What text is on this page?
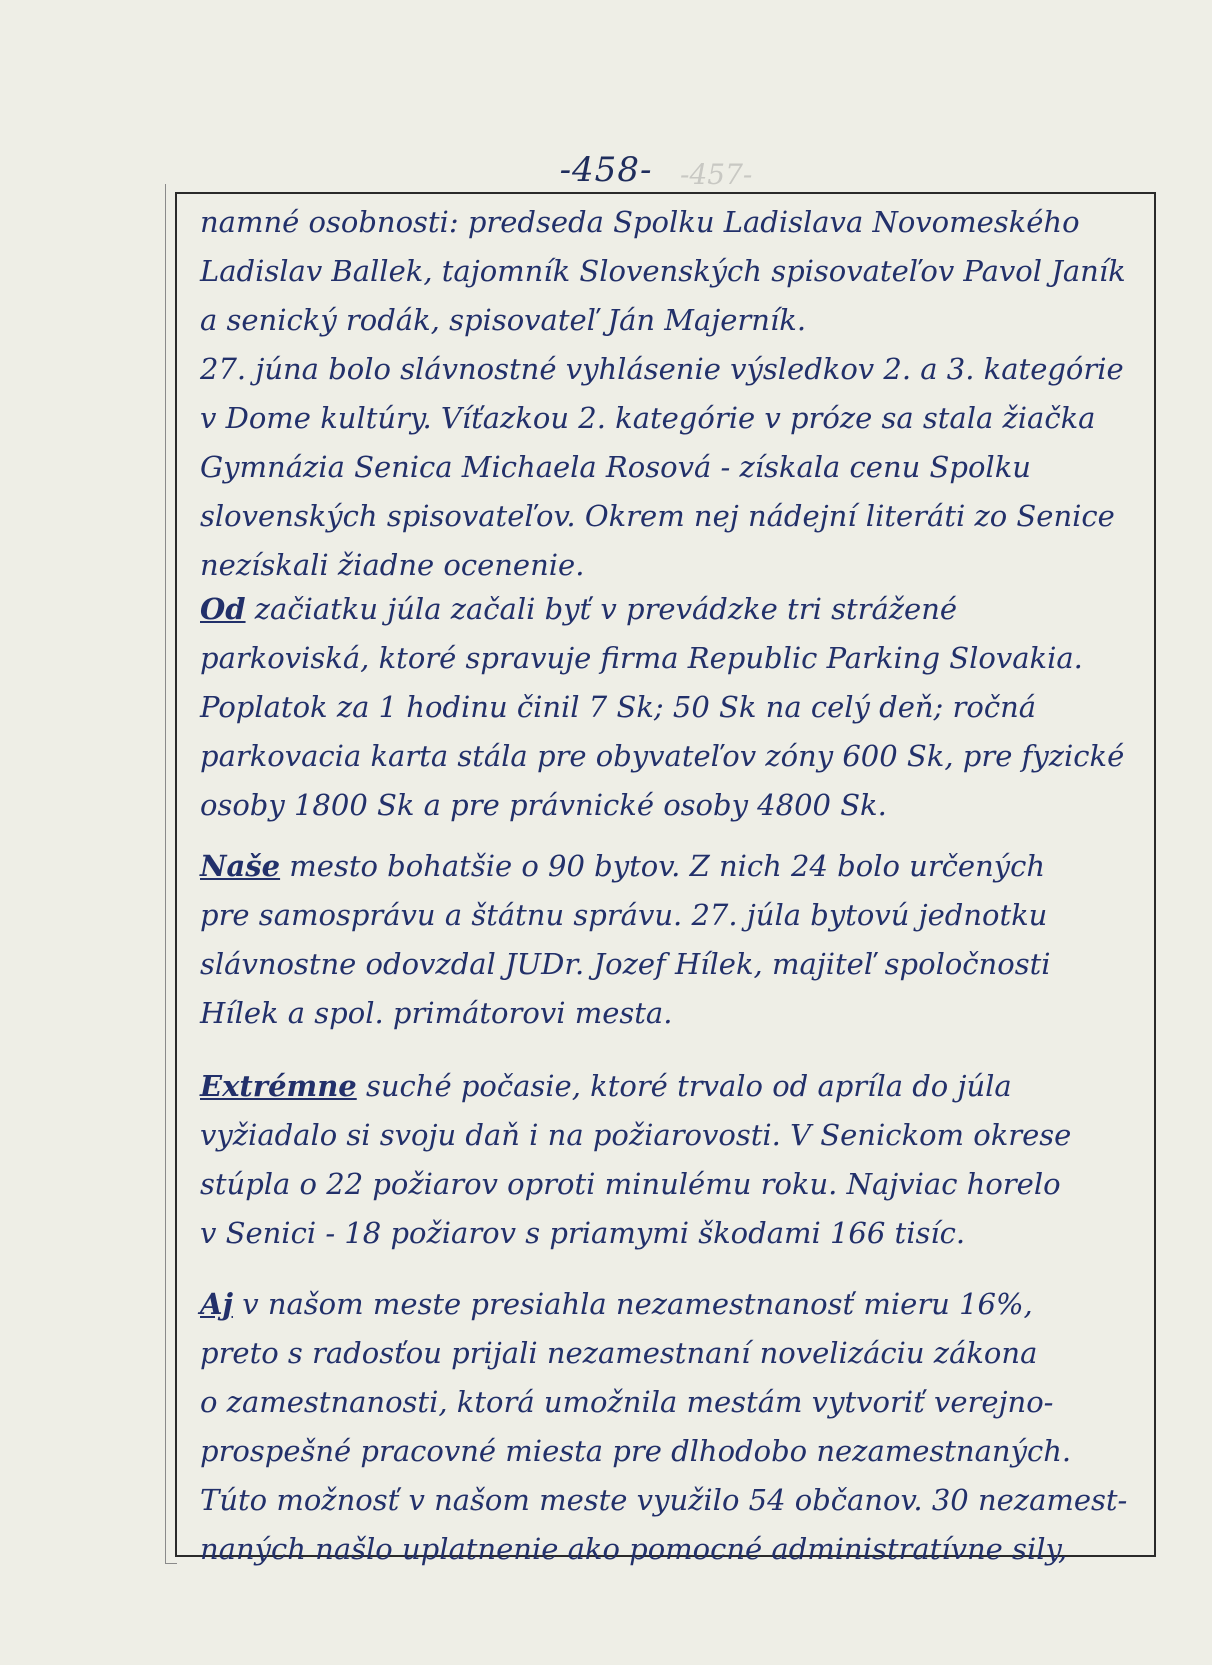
-457-
-458-
namné osobnosti: predseda Spolku Ladislava Novomeského
Ladislav Ballek, tajomník Slovenských spisovateľov Pavol Janík
a senický rodák, spisovateľ Ján Majerník.
27. júna bolo slávnostné vyhlásenie výsledkov 2. a 3. kategórie
v Dome kultúry. Víťazkou 2. kategórie v próze sa stala žiačka
Gymnázia Senica Michaela Rosová - získala cenu Spolku
slovenských spisovateľov. Okrem nej nádejní literáti zo Senice
nezískali žiadne ocenenie.
Od začiatku júla začali byť v prevádzke tri strážené
parkoviská, ktoré spravuje firma Republic Parking Slovakia.
Poplatok za 1 hodinu činil 7 Sk; 50 Sk na celý deň; ročná
parkovacia karta stála pre obyvateľov zóny 600 Sk, pre fyzické
osoby 1800 Sk a pre právnické osoby 4800 Sk.
Naše mesto bohatšie o 90 bytov. Z nich 24 bolo určených
pre samosprávu a štátnu správu. 27. júla bytovú jednotku
slávnostne odovzdal JUDr. Jozef Hílek, majiteľ spoločnosti
Hílek a spol. primátorovi mesta.
Extrémne suché počasie, ktoré trvalo od apríla do júla
vyžiadalo si svoju daň i na požiarovosti. V Senickom okrese
stúpla o 22 požiarov oproti minulému roku. Najviac horelo
v Senici - 18 požiarov s priamymi škodami 166 tisíc.
Aj v našom meste presiahla nezamestnanosť mieru 16%,
preto s radosťou prijali nezamestnaní novelizáciu zákona
o zamestnanosti, ktorá umožnila mestám vytvoriť verejno-
prospešné pracovné miesta pre dlhodobo nezamestnaných.
Túto možnosť v našom meste využilo 54 občanov. 30 nezamest-
naných našlo uplatnenie ako pomocné administratívne sily,
